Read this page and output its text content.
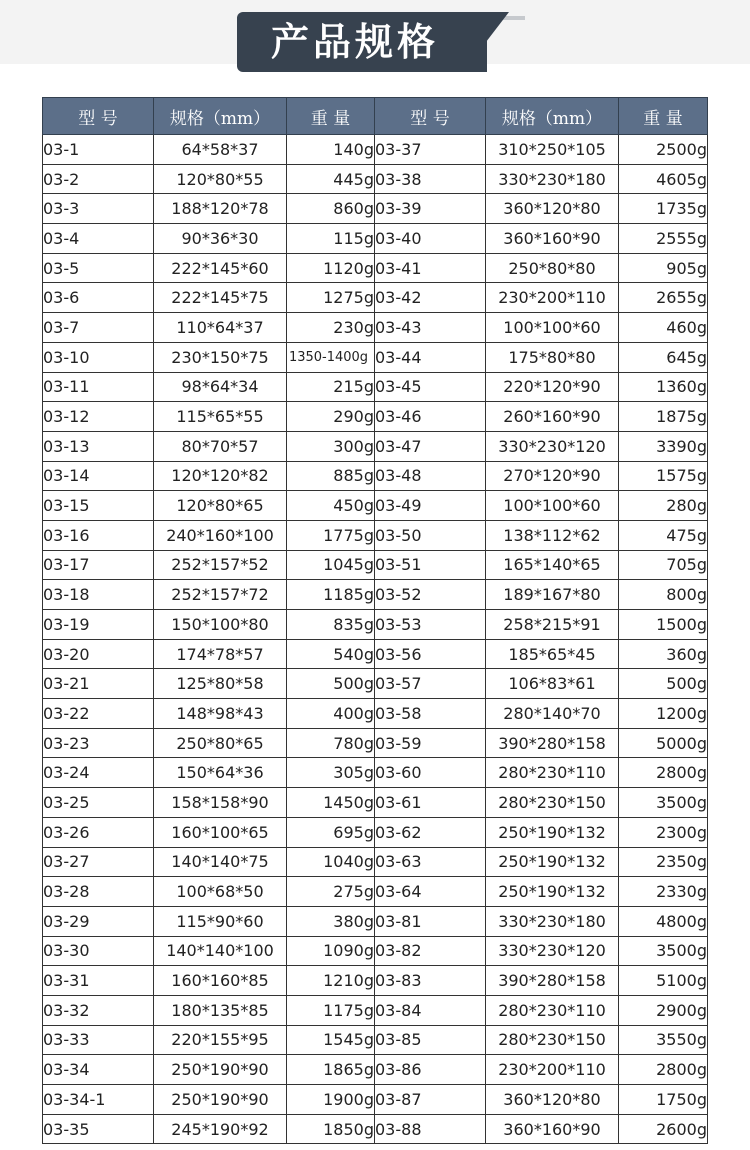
产品规格
型 号	规格（mm）	重 量	型 号	规格（mm）	重 量
03-1	64*58*37	140g	03-37	310*250*105	2500g
03-2	120*80*55	445g	03-38	330*230*180	4605g
03-3	188*120*78	860g	03-39	360*120*80	1735g
03-4	90*36*30	115g	03-40	360*160*90	2555g
03-5	222*145*60	1120g	03-41	250*80*80	905g
03-6	222*145*75	1275g	03-42	230*200*110	2655g
03-7	110*64*37	230g	03-43	100*100*60	460g
03-10	230*150*75	1350-1400g	03-44	175*80*80	645g
03-11	98*64*34	215g	03-45	220*120*90	1360g
03-12	115*65*55	290g	03-46	260*160*90	1875g
03-13	80*70*57	300g	03-47	330*230*120	3390g
03-14	120*120*82	885g	03-48	270*120*90	1575g
03-15	120*80*65	450g	03-49	100*100*60	280g
03-16	240*160*100	1775g	03-50	138*112*62	475g
03-17	252*157*52	1045g	03-51	165*140*65	705g
03-18	252*157*72	1185g	03-52	189*167*80	800g
03-19	150*100*80	835g	03-53	258*215*91	1500g
03-20	174*78*57	540g	03-56	185*65*45	360g
03-21	125*80*58	500g	03-57	106*83*61	500g
03-22	148*98*43	400g	03-58	280*140*70	1200g
03-23	250*80*65	780g	03-59	390*280*158	5000g
03-24	150*64*36	305g	03-60	280*230*110	2800g
03-25	158*158*90	1450g	03-61	280*230*150	3500g
03-26	160*100*65	695g	03-62	250*190*132	2300g
03-27	140*140*75	1040g	03-63	250*190*132	2350g
03-28	100*68*50	275g	03-64	250*190*132	2330g
03-29	115*90*60	380g	03-81	330*230*180	4800g
03-30	140*140*100	1090g	03-82	330*230*120	3500g
03-31	160*160*85	1210g	03-83	390*280*158	5100g
03-32	180*135*85	1175g	03-84	280*230*110	2900g
03-33	220*155*95	1545g	03-85	280*230*150	3550g
03-34	250*190*90	1865g	03-86	230*200*110	2800g
03-34-1	250*190*90	1900g	03-87	360*120*80	1750g
03-35	245*190*92	1850g	03-88	360*160*90	2600g
